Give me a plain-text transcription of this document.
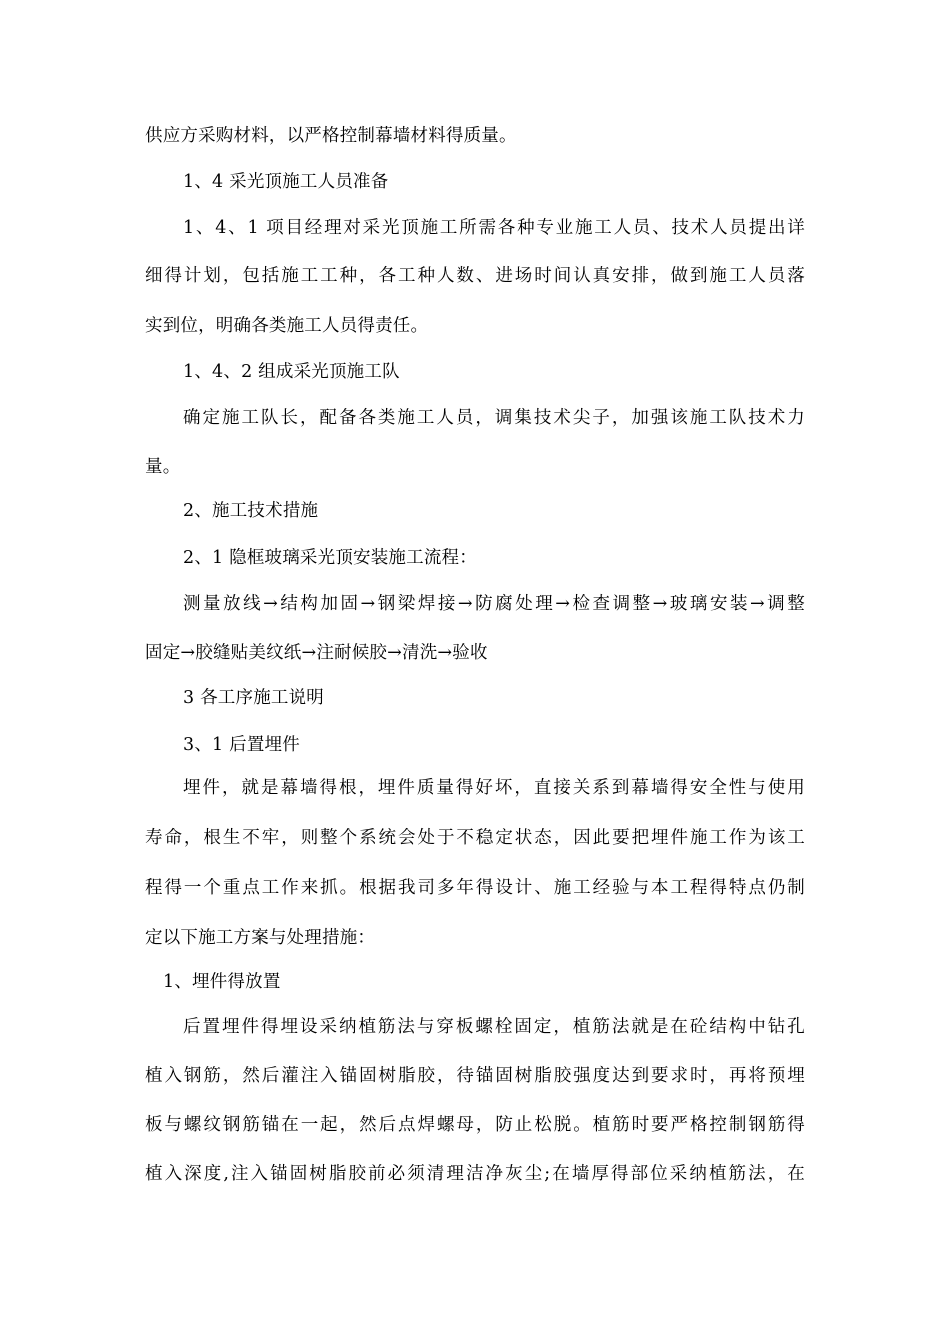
供应方采购材料，以严格控制幕墙材料得质量。
1、4 采光顶施工人员准备
1、4、1 项目经理对采光顶施工所需各种专业施工人员、技术人员提出详
细得计划，包括施工工种，各工种人数、进场时间认真安排，做到施工人员落
实到位，明确各类施工人员得责任。
1、4、2 组成采光顶施工队
确定施工队长，配备各类施工人员，调集技术尖子，加强该施工队技术力
量。
2、施工技术措施
2、1 隐框玻璃采光顶安装施工流程：
测量放线→结构加固→钢梁焊接→防腐处理→检查调整→玻璃安装→调整
固定→胶缝贴美纹纸→注耐候胶→清洗→验收
3 各工序施工说明
3、1 后置埋件
埋件，就是幕墙得根，埋件质量得好坏，直接关系到幕墙得安全性与使用
寿命，根生不牢，则整个系统会处于不稳定状态，因此要把埋件施工作为该工
程得一个重点工作来抓。根据我司多年得设计、施工经验与本工程得特点仍制
定以下施工方案与处理措施：
1、埋件得放置
后置埋件得埋设采纳植筋法与穿板螺栓固定，植筋法就是在砼结构中钻孔
植入钢筋，然后灌注入锚固树脂胶，待锚固树脂胶强度达到要求时，再将预埋
板与螺纹钢筋锚在一起，然后点焊螺母，防止松脱。植筋时要严格控制钢筋得
植入深度,注入锚固树脂胶前必须清理洁净灰尘;在墙厚得部位采纳植筋法，在
